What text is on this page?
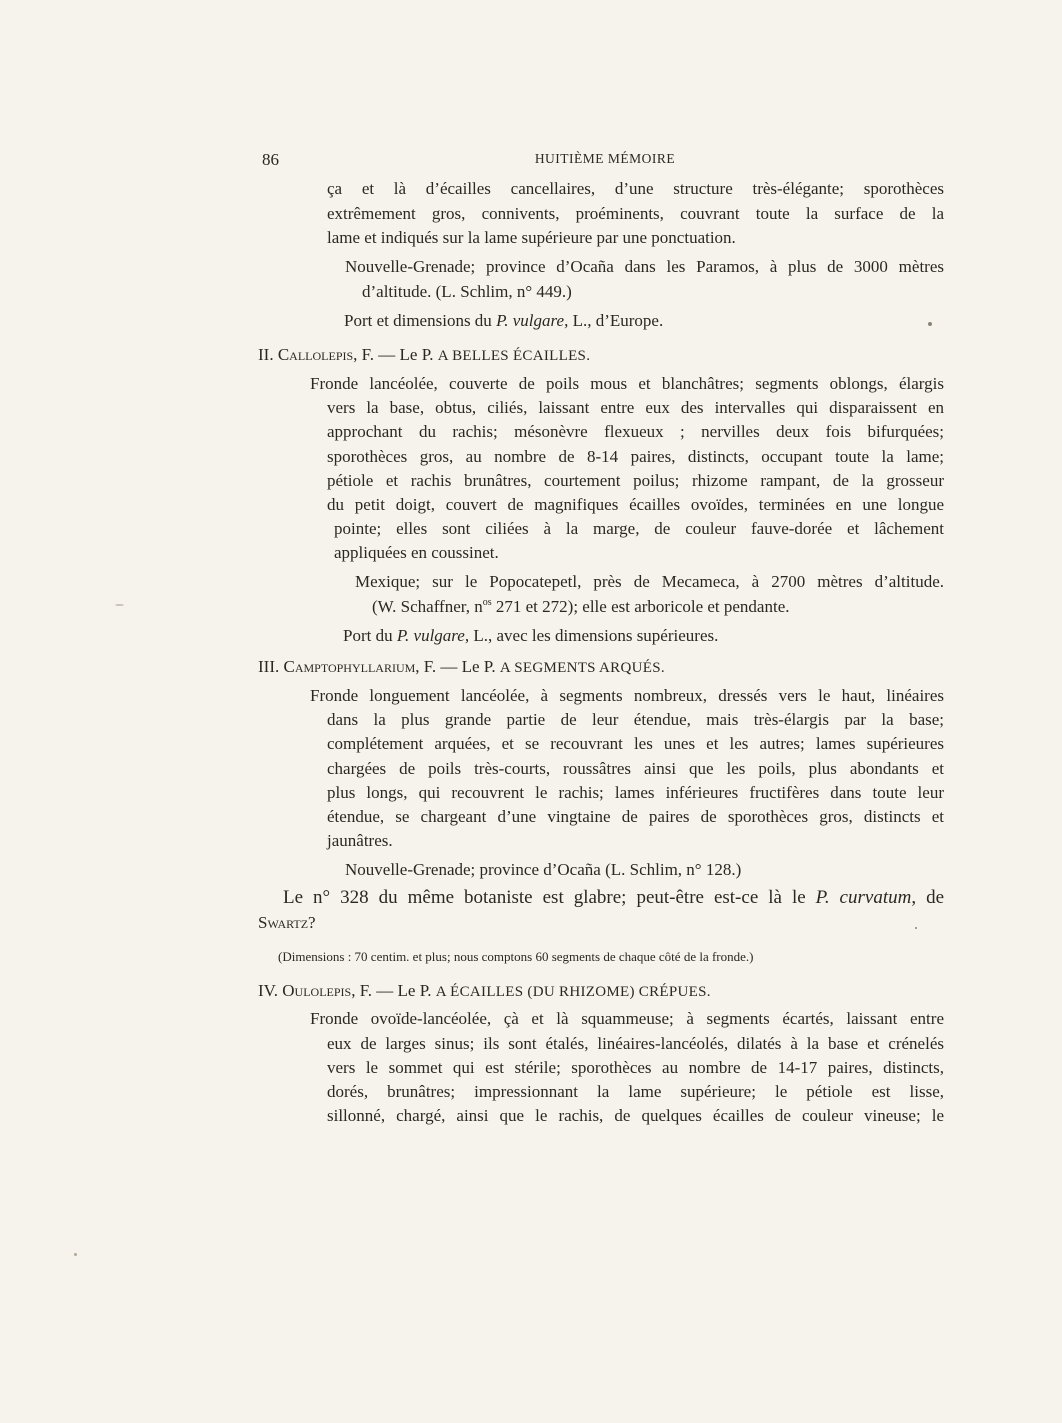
86	HUITIÈME MÉMOIRE
ça et là d’écailles cancellaires, d’une structure très-élégante; sporothèces
extrêmement gros, connivents, proéminents, couvrant toute la surface de la
lame et indiqués sur la lame supérieure par une ponctuation.
Nouvelle-Grenade; province d’Ocaña dans les Paramos, à plus de 3000 mètres
d’altitude. (L. Schlim, n° 449.)
Port et dimensions du P. vulgare, L., d’Europe.
II. Callolepis, F. — Le P. A BELLES ÉCAILLES.
Fronde lancéolée, couverte de poils mous et blanchâtres; segments oblongs, élargis
vers la base, obtus, ciliés, laissant entre eux des intervalles qui disparaissent en
approchant du rachis; mésonèvre flexueux ; nervilles deux fois bifurquées;
sporothèces gros, au nombre de 8-14 paires, distincts, occupant toute la lame;
pétiole et rachis brunâtres, courtement poilus; rhizome rampant, de la grosseur
du petit doigt, couvert de magnifiques écailles ovoïdes, terminées en une longue
pointe; elles sont ciliées à la marge, de couleur fauve-dorée et lâchement
appliquées en coussinet.
Mexique; sur le Popocatepetl, près de Mecameca, à 2700 mètres d’altitude.
(W. Schaffner, $n^{os}$ 271 et 272); elle est arboricole et pendante.
Port du P. vulgare, L., avec les dimensions supérieures.
III. Camptophyllarium, F. — Le P. A SEGMENTS ARQUÉS.
Fronde longuement lancéolée, à segments nombreux, dressés vers le haut, linéaires
dans la plus grande partie de leur étendue, mais très-élargis par la base;
complétement arquées, et se recouvrant les unes et les autres; lames supérieures
chargées de poils très-courts, roussâtres ainsi que les poils, plus abondants et
plus longs, qui recouvrent le rachis; lames inférieures fructifères dans toute leur
étendue, se chargeant d’une vingtaine de paires de sporothèces gros, distincts et
jaunâtres.
Nouvelle-Grenade; province d’Ocaña (L. Schlim, n° 128.)
Le n° 328 du même botaniste est glabre; peut-être est-ce là le P. curvatum, de
Swartz?
(Dimensions : 70 centim. et plus; nous comptons 60 segments de chaque côté de la fronde.)
IV. Oulolepis, F. — Le P. A ÉCAILLES (DU RHIZOME) CRÉPUES.
Fronde ovoïde-lancéolée, çà et là squammeuse; à segments écartés, laissant entre
eux de larges sinus; ils sont étalés, linéaires-lancéolés, dilatés à la base et crénelés
vers le sommet qui est stérile; sporothèces au nombre de 14-17 paires, distincts,
dorés, brunâtres; impressionnant la lame supérieure; le pétiole est lisse,
sillonné, chargé, ainsi que le rachis, de quelques écailles de couleur vineuse; le
